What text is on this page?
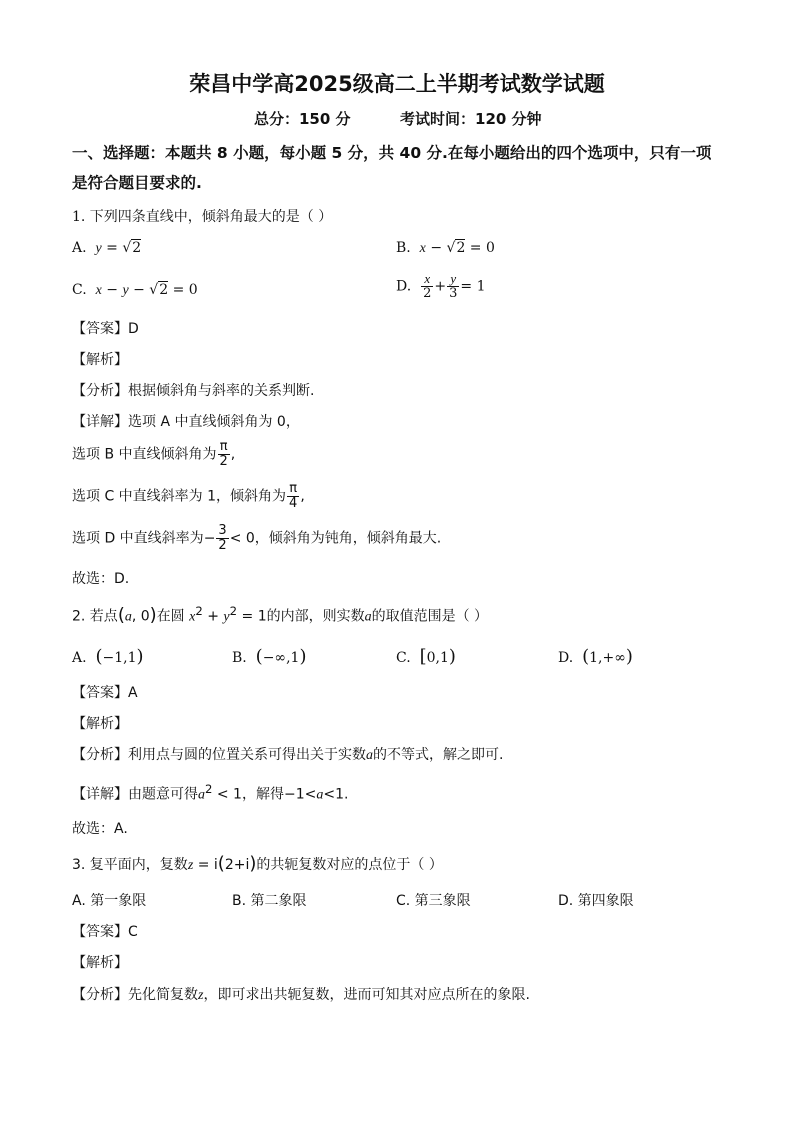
荣昌中学高2025级高二上半期考试数学试题
总分：150 分	考试时间：120 分钟
一、选择题：本题共 8 小题，每小题 5 分，共 40 分.在每小题给出的四个选项中，只有一项
是符合题目要求的.
1. 下列四条直线中，倾斜角最大的是（ ）
A. y = √2	B. x − √2 = 0
C. x − y − √2 = 0	D. $\frac{x}{2} + \frac{y}{3} = 1$
【答案】D
【解析】
【分析】根据倾斜角与斜率的关系判断.
【详解】选项 A 中直线倾斜角为 0，
选项 B 中直线倾斜角为 $\frac{\pi}{2}$ ,
选项 C 中直线斜率为 1，倾斜角为 $\frac{\pi}{4}$ ,
选项 D 中直线斜率为− $\frac{3}{2} < 0$，倾斜角为钝角，倾斜角最大.
故选：D.
2. 若点(a, 0)在圆 $x^2 + y^2 = 1$的内部，则实数a的取值范围是（ ）
A. (−1,1)	B. (−∞,1)	C. [0,1)	D. (1,+∞)
【答案】A
【解析】
【分析】利用点与圆的位置关系可得出关于实数a的不等式，解之即可.
【详解】由题意可得$a^2 < 1$，解得−1<a<1.
故选：A.
3. 复平面内，复数z = i(2+i)的共轭复数对应的点位于（ ）
A. 第一象限	B. 第二象限	C. 第三象限	D. 第四象限
【答案】C
【解析】
【分析】先化简复数z，即可求出共轭复数，进而可知其对应点所在的象限.
